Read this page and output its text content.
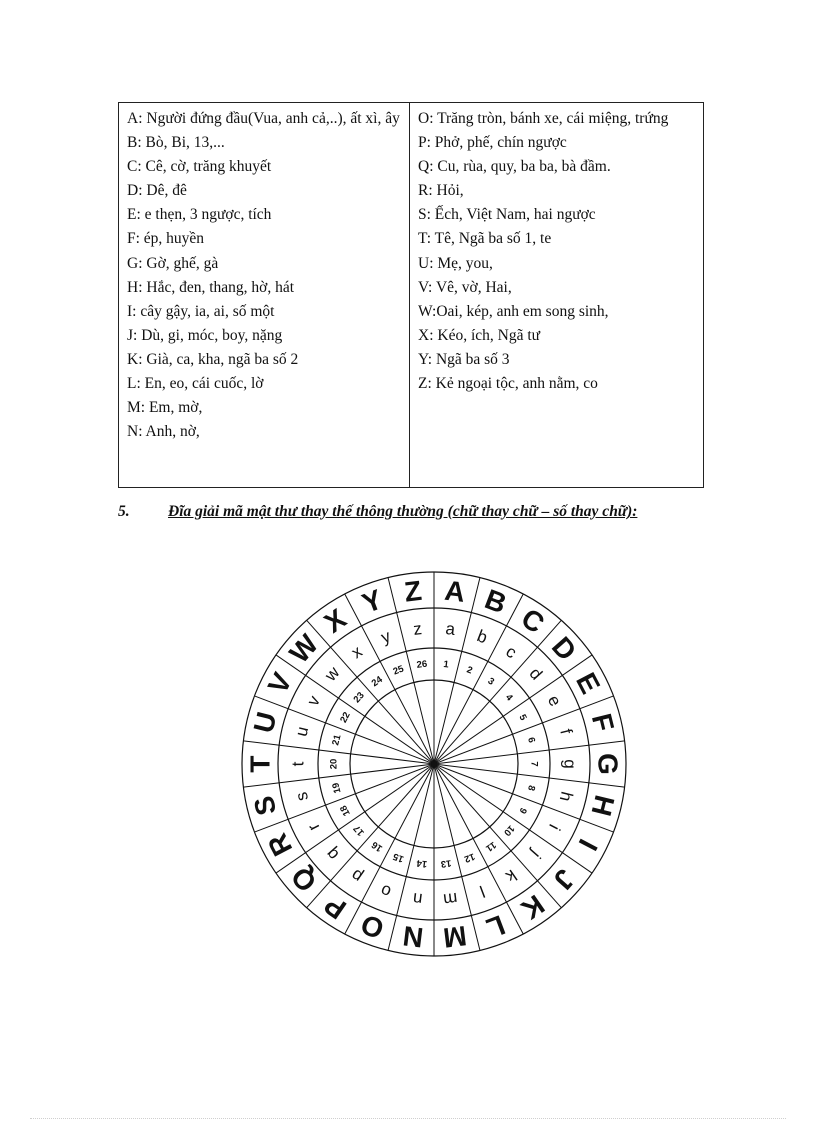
A: Người đứng đầu(Vua, anh cả,..), ất xì, ây
B: Bò, Bi, 13,...
C: Cê, cờ, trăng khuyết
D: Dê, đê
E: e thẹn, 3 ngược, tích
F: ép, huyền
G: Gờ, ghế, gà
H: Hắc, đen, thang, hờ, hát
I: cây gậy, ia, ai, số một
J: Dù, gi, móc, boy, nặng
K: Già, ca, kha, ngã ba số 2
L: En, eo, cái cuốc, lờ
M: Em, mờ,
N: Anh, nờ,

O: Trăng tròn, bánh xe, cái miệng, trứng
P: Phở, phế, chín ngược
Q: Cu, rùa, quy, ba ba, bà đầm.
R: Hỏi,
S: Ếch, Việt Nam, hai ngược
T: Tê, Ngã ba số 1, te
U: Mẹ, you,
V: Vê, vờ, Hai,
W:Oai, kép, anh em song sinh,
X: Kéo, ích, Ngã tư
Y: Ngã ba số 3
Z: Kẻ ngoại tộc, anh nằm, co
5. Đĩa giải mã mật thư thay thế thông thường (chữ thay chữ – số thay chữ):
A B
C
D
E
F
G
H
I
J
K
L
M
N
O
P
Q
R
S
T
U
V
W
X
Y Z
a b
c
d
e
f
g
h
i
j
k
l
m
n
o
p
q
r
s
t
u
v
w
x
y z
1 2
3
4
5
6
7
8
9
10
11
12
13
14
15
16
17
18
19
20
21
22
23
24
25 26
